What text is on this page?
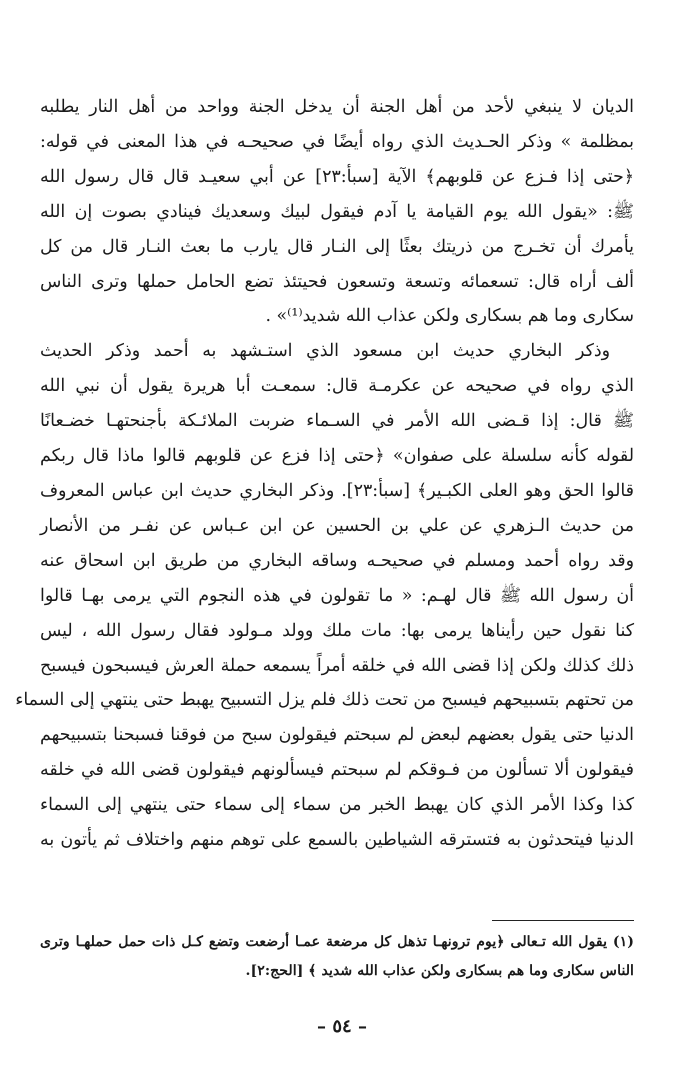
الديان لا ينبغي لأحد من أهل الجنة أن يدخل الجنة وواحد من أهل النار يطلبه
بمظلمة » وذكر الحـديث الذي رواه أيضًا في صحيحـه في هذا المعنى في قوله:
﴿حتى إذا فـزع عن قلوبهم﴾ الآية [سبأ:٢٣] عن أبي سعيـد قال قال رسول الله
ﷺ: «يقول الله يوم القيامة يا آدم فيقول لبيك وسعديك فينادي بصوت إن الله
يأمرك أن تخـرج من ذريتك بعثًا إلى النـار قال يارب ما بعث النـار قال من كل
ألف أراه قال: تسعمائه وتسعة وتسعون فحيتئذ تضع الحامل حملها وترى الناس
سكارى وما هم بسكارى ولكن عذاب الله شديد⁽¹⁾» .

وذكر البخاري حديث ابن مسعود الذي استـشهد به أحمد وذكر الحديث
الذي رواه في صحيحه عن عكرمـة قال: سمعـت أبا هريرة يقول أن نبي الله
ﷺ قال: إذا قـضى الله الأمر في السـماء ضربت الملائـكة بأجنحتهـا خضـعانًا
لقوله كأنه سلسلة على صفوان» ﴿حتى إذا فزع عن قلوبهم قالوا ماذا قال ربكم
قالوا الحق وهو العلى الكبـير﴾ [سبأ:٢٣]. وذكر البخاري حديث ابن عباس المعروف
من حديث الـزهري عن علي بن الحسين عن ابن عـباس عن نفـر من الأنصار
وقد رواه أحمد ومسلم في صحيحـه وساقه البخاري من طريق ابن اسحاق عنه
أن رسول الله ﷺ قال لهـم: « ما تقولون في هذه النجوم التي يرمى بهـا قالوا
كنا نقول حين رأيناها يرمى بها: مات ملك وولد مـولود فقال رسول الله ، ليس
ذلك كذلك ولكن إذا قضى الله في خلقه أمراً يسمعه حملة العرش فيسبحون فيسبح
من تحتهم بتسبيحهم فيسبح من تحت ذلك فلم يزل التسبيح يهبط حتى ينتهي إلى السماء
الدنيا حتى يقول بعضهم لبعض لم سبحتم فيقولون سبح من فوقنا فسبحنا بتسبيحهم
فيقولون ألا تسألون من فـوقكم لم سبحتم فيسألونهم فيقولون قضى الله في خلقه
كذا وكذا الأمر الذي كان يهبط الخبر من سماء إلى سماء حتى ينتهي إلى السماء
الدنيا فيتحدثون به فتسترقه الشياطين بالسمع على توهم منهم واختلاف ثم يأتون به

(١) يقول الله تـعالى ﴿يوم ترونهـا تذهل كل مرضعة عمـا أرضعت وتضع كـل ذات حمل حملهـا وترى
الناس سكارى وما هم بسكارى ولكن عذاب الله شديد ﴾ [الحج:٢].
– ٥٤ –
